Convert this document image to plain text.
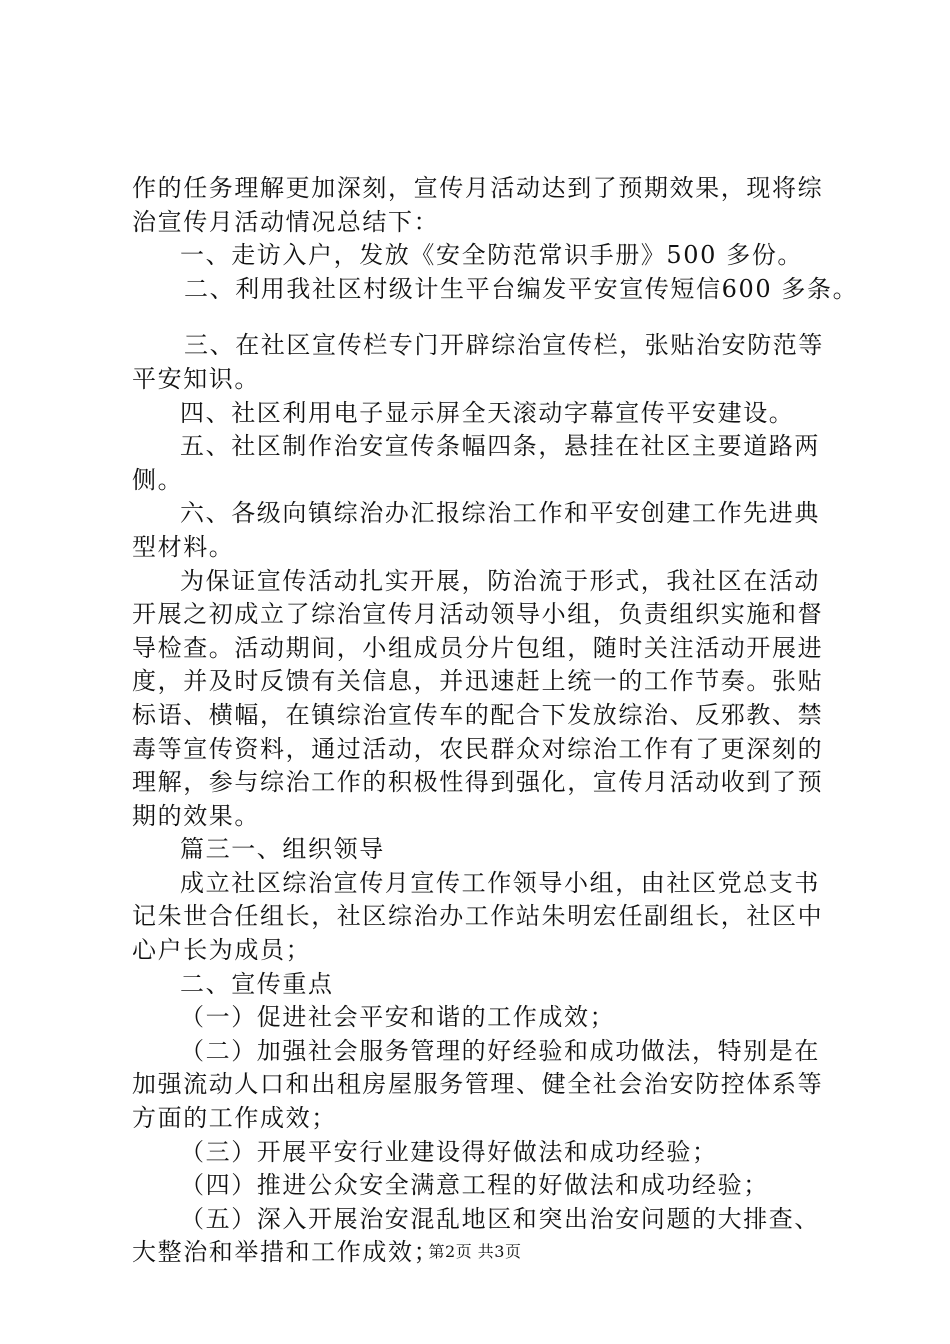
作的任务理解更加深刻，宣传月活动达到了预期效果，现将综
治宣传月活动情况总结下：
一、走访入户，发放《安全防范常识手册》500 多份。
二、利用我社区村级计生平台编发平安宣传短信600 多条。
三、在社区宣传栏专门开辟综治宣传栏，张贴治安防范等
平安知识。
四、社区利用电子显示屏全天滚动字幕宣传平安建设。
五、社区制作治安宣传条幅四条，悬挂在社区主要道路两
侧。
六、各级向镇综治办汇报综治工作和平安创建工作先进典
型材料。
为保证宣传活动扎实开展，防治流于形式，我社区在活动
开展之初成立了综治宣传月活动领导小组，负责组织实施和督
导检查。活动期间，小组成员分片包组，随时关注活动开展进
度，并及时反馈有关信息，并迅速赶上统一的工作节奏。张贴
标语、横幅，在镇综治宣传车的配合下发放综治、反邪教、禁
毒等宣传资料，通过活动，农民群众对综治工作有了更深刻的
理解，参与综治工作的积极性得到强化，宣传月活动收到了预
期的效果。
篇三一、组织领导
成立社区综治宣传月宣传工作领导小组，由社区党总支书
记朱世合任组长，社区综治办工作站朱明宏任副组长，社区中
心户长为成员；
二、宣传重点
（一）促进社会平安和谐的工作成效；
（二）加强社会服务管理的好经验和成功做法，特别是在
加强流动人口和出租房屋服务管理、健全社会治安防控体系等
方面的工作成效；
（三）开展平安行业建设得好做法和成功经验；
（四）推进公众安全满意工程的好做法和成功经验；
（五）深入开展治安混乱地区和突出治安问题的大排查、
大整治和举措和工作成效；
第2页 共3页
